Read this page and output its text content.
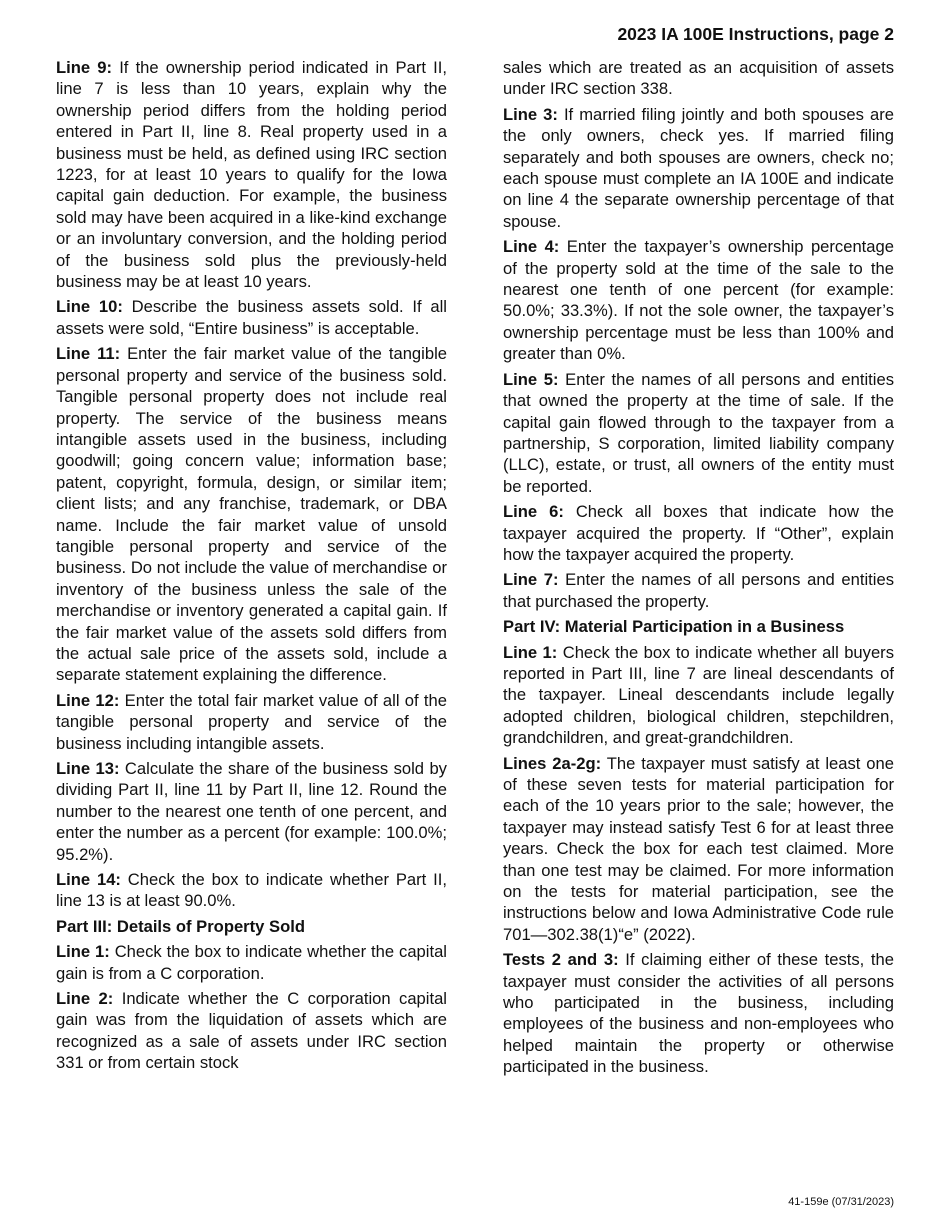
2023 IA 100E Instructions, page 2

Line 9: If the ownership period indicated in Part II, line 7 is less than 10 years, explain why the ownership period differs from the holding period entered in Part II, line 8. Real property used in a business must be held, as defined using IRC section 1223, for at least 10 years to qualify for the Iowa capital gain deduction. For example, the business sold may have been acquired in a like-kind exchange or an involuntary conversion, and the holding period of the business sold plus the previously-held business may be at least 10 years.

Line 10: Describe the business assets sold. If all assets were sold, “Entire business” is acceptable.

Line 11: Enter the fair market value of the tangible personal property and service of the business sold. Tangible personal property does not include real property. The service of the business means intangible assets used in the business, including goodwill; going concern value; information base; patent, copyright, formula, design, or similar item; client lists; and any franchise, trademark, or DBA name. Include the fair market value of unsold tangible personal property and service of the business. Do not include the value of merchandise or inventory of the business unless the sale of the merchandise or inventory generated a capital gain. If the fair market value of the assets sold differs from the actual sale price of the assets sold, include a separate statement explaining the difference.

Line 12: Enter the total fair market value of all of the tangible personal property and service of the business including intangible assets.

Line 13: Calculate the share of the business sold by dividing Part II, line 11 by Part II, line 12. Round the number to the nearest one tenth of one percent, and enter the number as a percent (for example: 100.0%; 95.2%).

Line 14: Check the box to indicate whether Part II, line 13 is at least 90.0%.

Part III: Details of Property Sold

Line 1: Check the box to indicate whether the capital gain is from a C corporation.

Line 2: Indicate whether the C corporation capital gain was from the liquidation of assets which are recognized as a sale of assets under IRC section 331 or from certain stock

sales which are treated as an acquisition of assets under IRC section 338.

Line 3: If married filing jointly and both spouses are the only owners, check yes. If married filing separately and both spouses are owners, check no; each spouse must complete an IA 100E and indicate on line 4 the separate ownership percentage of that spouse.

Line 4: Enter the taxpayer’s ownership percentage of the property sold at the time of the sale to the nearest one tenth of one percent (for example: 50.0%; 33.3%). If not the sole owner, the taxpayer’s ownership percentage must be less than 100% and greater than 0%.

Line 5: Enter the names of all persons and entities that owned the property at the time of sale. If the capital gain flowed through to the taxpayer from a partnership, S corporation, limited liability company (LLC), estate, or trust, all owners of the entity must be reported.

Line 6: Check all boxes that indicate how the taxpayer acquired the property. If “Other”, explain how the taxpayer acquired the property.

Line 7: Enter the names of all persons and entities that purchased the property.

Part IV: Material Participation in a Business

Line 1: Check the box to indicate whether all buyers reported in Part III, line 7 are lineal descendants of the taxpayer. Lineal descendants include legally adopted children, biological children, stepchildren, grandchildren, and great-grandchildren.

Lines 2a-2g: The taxpayer must satisfy at least one of these seven tests for material participation for each of the 10 years prior to the sale; however, the taxpayer may instead satisfy Test 6 for at least three years. Check the box for each test claimed. More than one test may be claimed. For more information on the tests for material participation, see the instructions below and Iowa Administrative Code rule 701—302.38(1)“e” (2022).

Tests 2 and 3: If claiming either of these tests, the taxpayer must consider the activities of all persons who participated in the business, including employees of the business and non-employees who helped maintain the property or otherwise participated in the business.

41-159e (07/31/2023)
